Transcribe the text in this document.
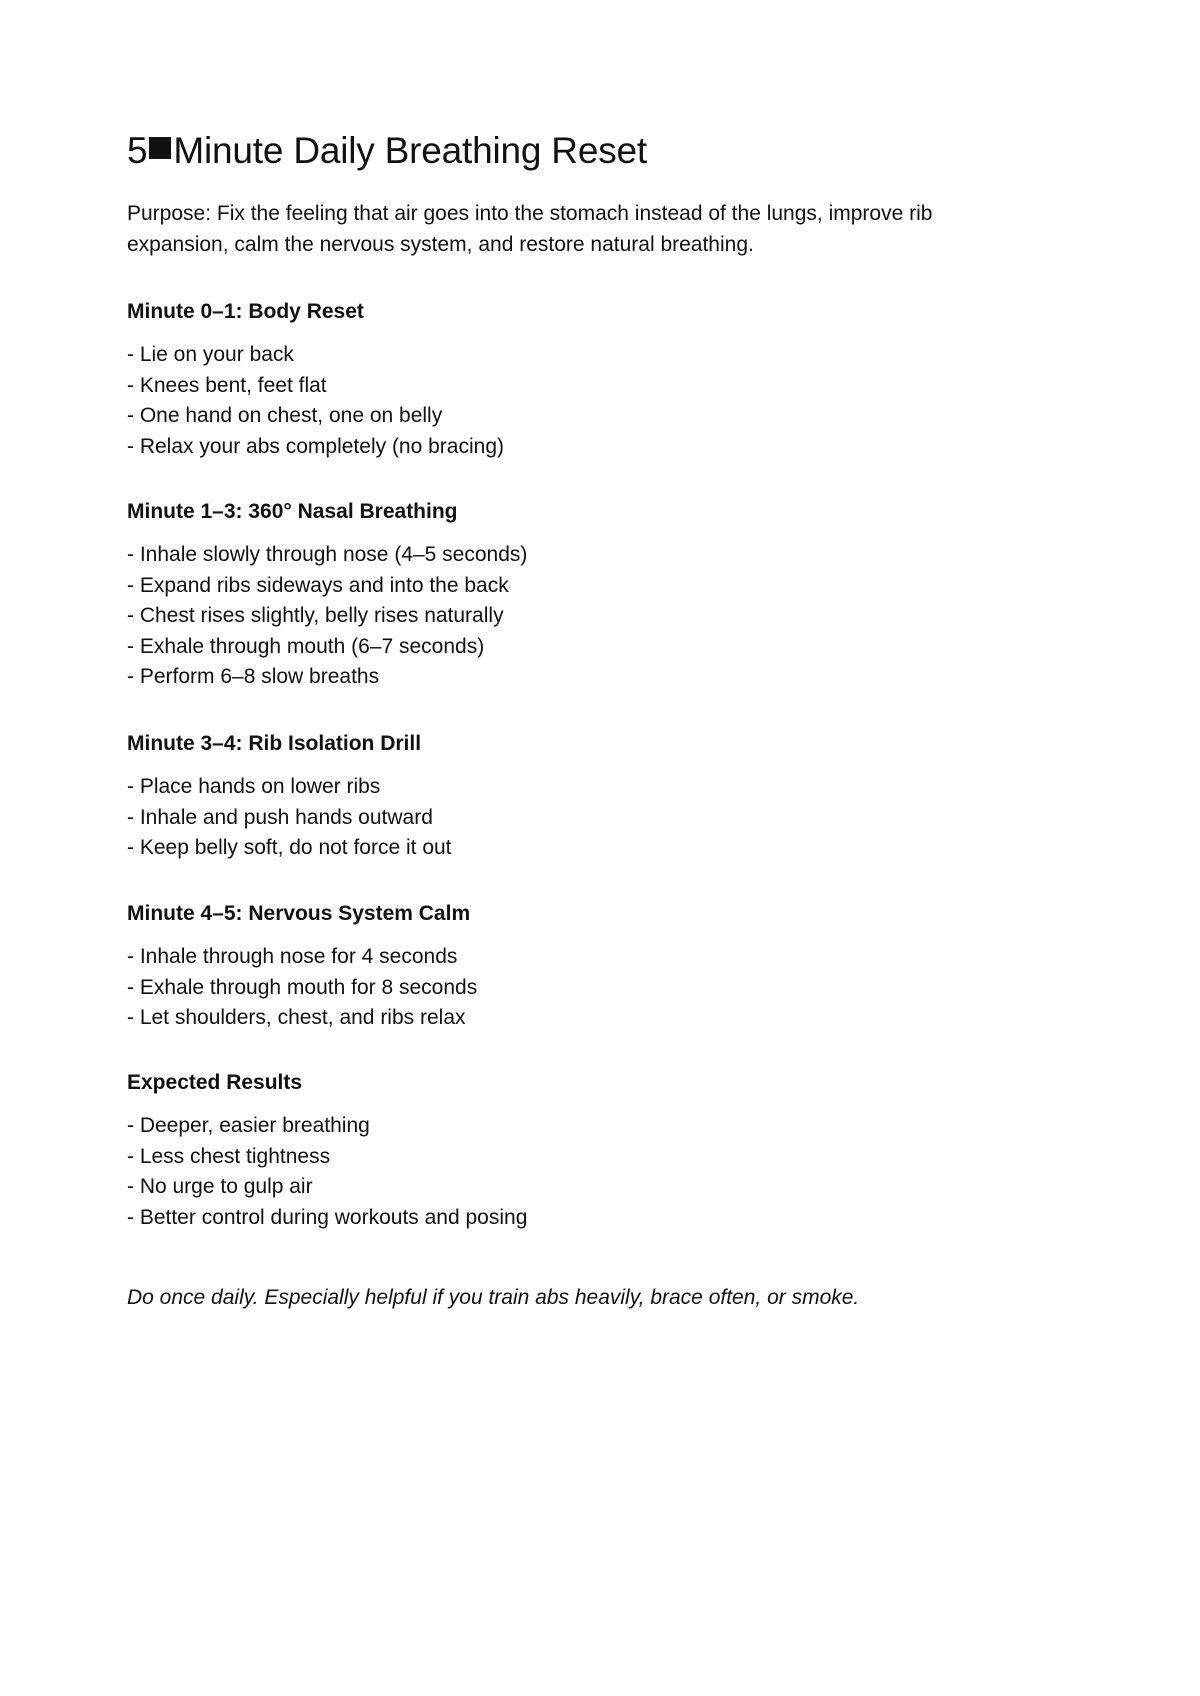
5 Minute Daily Breathing Reset

Purpose: Fix the feeling that air goes into the stomach instead of the lungs, improve rib expansion, calm the nervous system, and restore natural breathing.

Minute 0–1: Body Reset

- Lie on your back

- Knees bent, feet flat

- One hand on chest, one on belly

- Relax your abs completely (no bracing)

Minute 1–3: 360° Nasal Breathing

- Inhale slowly through nose (4–5 seconds)

- Expand ribs sideways and into the back

- Chest rises slightly, belly rises naturally

- Exhale through mouth (6–7 seconds)

- Perform 6–8 slow breaths

Minute 3–4: Rib Isolation Drill

- Place hands on lower ribs

- Inhale and push hands outward

- Keep belly soft, do not force it out

Minute 4–5: Nervous System Calm

- Inhale through nose for 4 seconds

- Exhale through mouth for 8 seconds

- Let shoulders, chest, and ribs relax

Expected Results

- Deeper, easier breathing

- Less chest tightness

- No urge to gulp air

- Better control during workouts and posing

Do once daily. Especially helpful if you train abs heavily, brace often, or smoke.
